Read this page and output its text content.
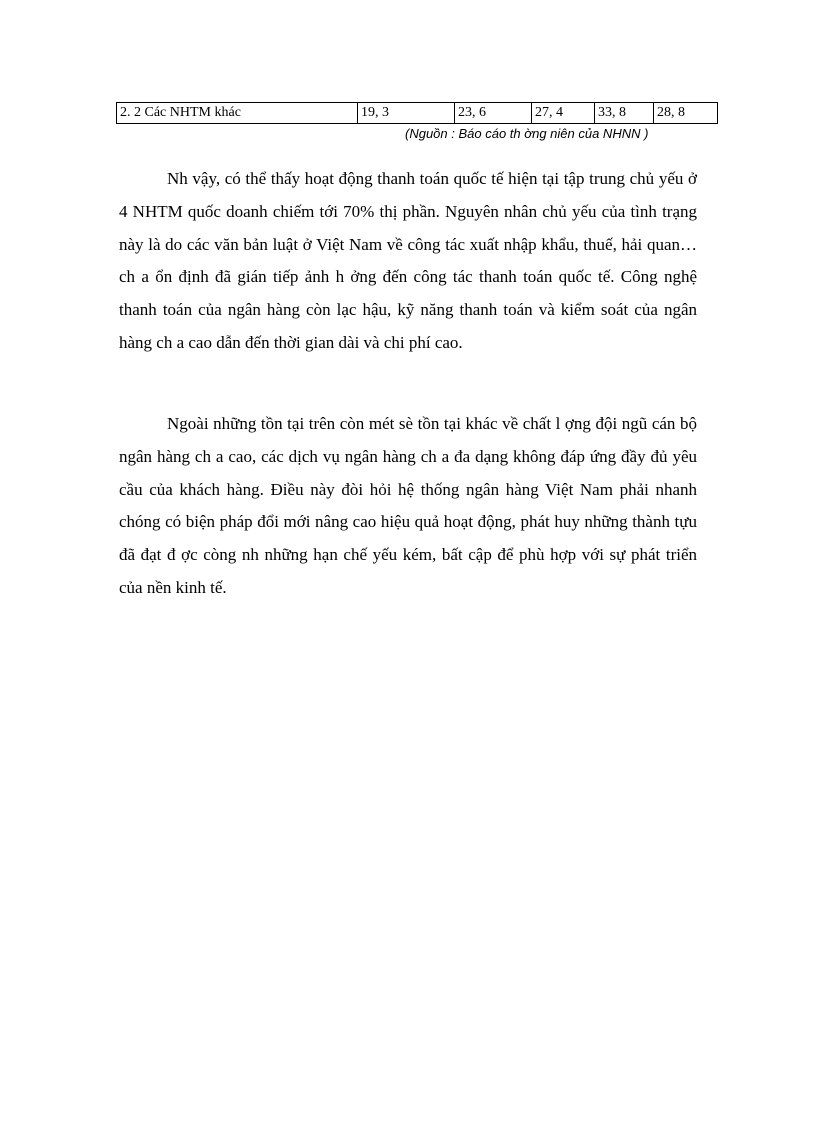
2. 2 Các NHTM khác	19, 3	23, 6	27, 4	33, 8	28, 8
(Nguồn : Báo cáo th ờng niên của NHNN )

Nh vậy, có thể thấy hoạt động thanh toán quốc tế hiện tại tập trung chủ yếu ở 4 NHTM quốc doanh chiếm tới 70% thị phần. Nguyên nhân chủ yếu của tình trạng này là do các văn bản luật ở Việt Nam về công tác xuất nhập khẩu, thuế, hải quan… ch a ổn định đã gián tiếp ảnh h ởng đến công tác thanh toán quốc tế. Công nghệ thanh toán của ngân hàng còn lạc hậu, kỹ năng thanh toán và kiểm soát của ngân hàng ch a cao dẫn đến thời gian dài và chi phí cao.

Ngoài những tồn tại trên còn mét sè tồn tại khác về chất l ợng đội ngũ cán bộ ngân hàng ch a cao, các dịch vụ ngân hàng ch a đa dạng không đáp ứng đầy đủ yêu cầu của khách hàng. Điều này đòi hỏi hệ thống ngân hàng Việt Nam phải nhanh chóng có biện pháp đổi mới nâng cao hiệu quả hoạt động, phát huy những thành tựu đã đạt đ ợc còng nh những hạn chế yếu kém, bất cập để phù hợp với sự phát triển của nền kinh tế.
